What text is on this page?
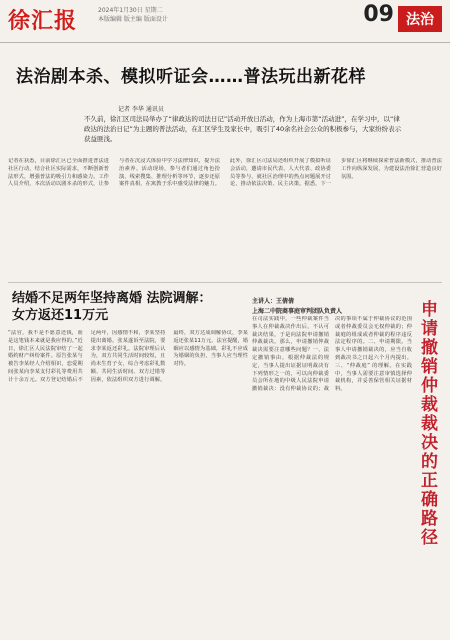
徐汇报	2024年1月30日 星期二
本版编辑 版主编 版面设计	09 法治
法治剧本杀、模拟听证会……普法玩出新花样
记者 李华 通讯员
不久前，徐汇区司法局举办了“律政达的司法日记”活动开放日活动，作为上海市第“活动进”，在学习中，以“律政达的法治日记”为主题的普法活动，在汇区学生及家长中，吸引了40余名社会公众的积极参与，大家纷纷表示获益匪浅。
记者在获悉，目前徐汇区已全面推进普法进社区行动，结合社区实际需求，不断创新普法形式，增强普法的吸引力和感染力。工作人员介绍，本次活动以剧本杀的形式，让参与者在沉浸式体验中学习法律知识，提升法治素养。活动现场，参与者们通过角色扮演、线索搜集、推理分析等环节，逐步还原案件真相，在寓教于乐中感受法律的魅力。此外，徐汇区司法局还组织开展了模拟听证会活动，邀请市民代表、人大代表、政协委员等参与，就社区治理中的热点问题展开讨论，推动依法决策、民主决策。据悉，下一步徐汇区将继续探索普法新模式，推动普法工作向纵深发展，为建设法治徐汇营造良好氛围。
结婚不足两年坚持离婚 法院调解：女方返还11万元
“法官，我不是不愿意还钱，而是这笔钱本来就是我应得的。”近日，徐汇区人民法院审结了一起婚约财产纠纷案件。原告张某与被告李某经人介绍相识，恋爱期间张某向李某支付彩礼等费用共计十余万元。双方登记结婚后不足两年，因感情不和，李某坚持提出离婚。张某遂诉至法院，要求李某返还彩礼。法院审理后认为，双方共同生活时间较短，且尚未生育子女，综合考虑彩礼数额、共同生活时间、双方过错等因素，依法组织双方进行调解。最终，双方达成调解协议，李某返还张某11万元。法官提醒，婚姻应以感情为基础，彩礼不应成为婚姻的负担，当事人应当理性对待。
主讲人：王倩倩
上海二中院商事庭审判团队负责人
在司法实践中，一些仲裁案件当事人在仲裁裁决作出后，不认可裁决结果，于是向法院申请撤销仲裁裁决。那么，申请撤销仲裁裁决需要注意哪些问题？一、法定撤销事由。根据仲裁法的规定，当事人提出证据证明裁决有下列情形之一的，可以向仲裁委员会所在地的中级人民法院申请撤销裁决：没有仲裁协议的；裁决的事项不属于仲裁协议的范围或者仲裁委员会无权仲裁的；仲裁庭的组成或者仲裁的程序违反法定程序的。二、申请期限。当事人申请撤销裁决的，应当自收到裁决书之日起六个月内提出。三、“仲裁庭” 的理解。在实践中，当事人需要注意审慎选择仲裁机构，并妥善保管相关证据材料。	申请撤销仲裁裁决的正确路径
